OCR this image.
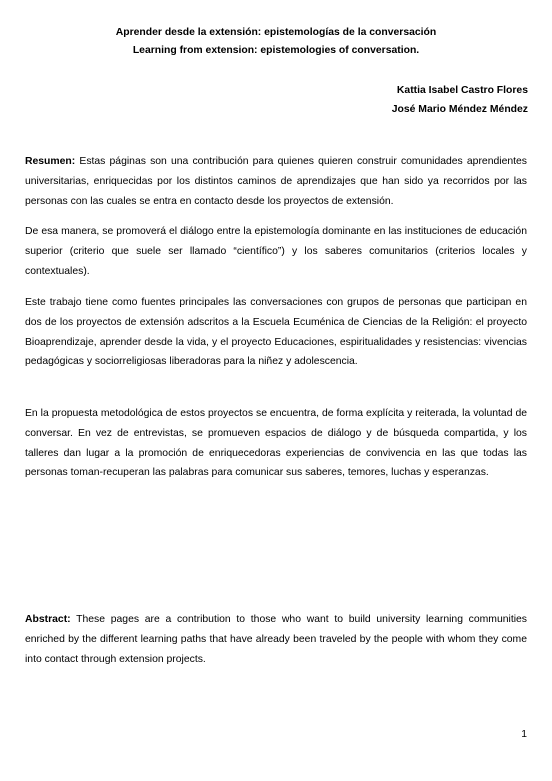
Aprender desde la extensión: epistemologías de la conversación
Learning from extension: epistemologies of conversation.
Kattia Isabel Castro Flores
José Mario Méndez Méndez

Resumen: Estas páginas son una contribución para quienes quieren construir comunidades aprendientes universitarias, enriquecidas por los distintos caminos de aprendizajes que han sido ya recorridos por las personas con las cuales se entra en contacto desde los proyectos de extensión.

De esa manera, se promoverá el diálogo entre la epistemología dominante en las instituciones de educación superior (criterio que suele ser llamado “científico”) y los saberes comunitarios (criterios locales y contextuales).

Este trabajo tiene como fuentes principales las conversaciones con grupos de personas que participan en dos de los proyectos de extensión adscritos a la Escuela Ecuménica de Ciencias de la Religión: el proyecto Bioaprendizaje, aprender desde la vida, y el proyecto Educaciones, espiritualidades y resistencias: vivencias pedagógicas y sociorreligiosas liberadoras para la niñez y adolescencia.

En la propuesta metodológica de estos proyectos se encuentra, de forma explícita y reiterada, la voluntad de conversar. En vez de entrevistas, se promueven espacios de diálogo y de búsqueda compartida, y los talleres dan lugar a la promoción de enriquecedoras experiencias de convivencia en las que todas las personas toman-recuperan las palabras para comunicar sus saberes, temores, luchas y esperanzas.

Abstract: These pages are a contribution to those who want to build university learning communities enriched by the different learning paths that have already been traveled by the people with whom they come into contact through extension projects.

1
